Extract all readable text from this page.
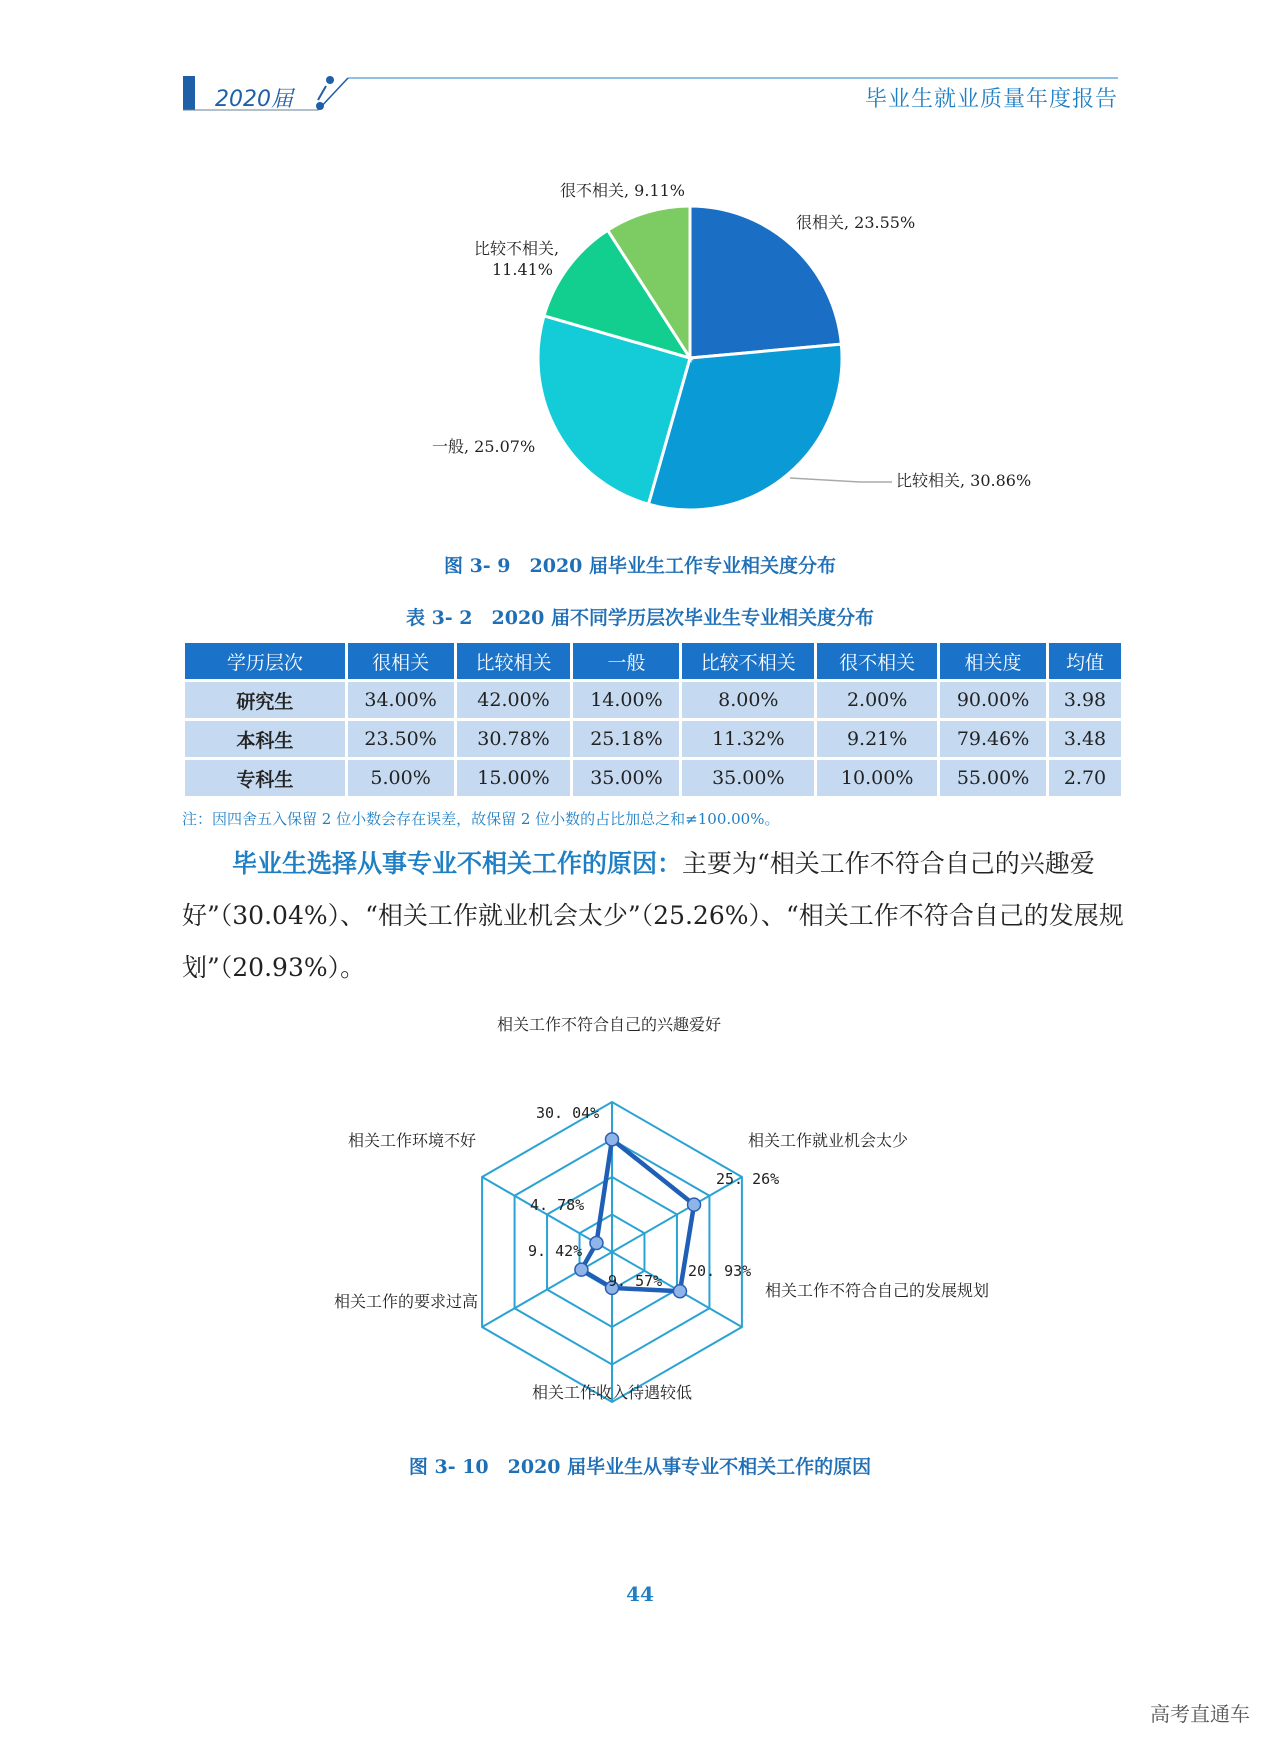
2020届	毕业生就业质量年度报告
很相关, 23.55%
比较相关, 30.86%
一般, 25.07%
比较不相关,
11.41%
很不相关, 9.11%
图 3- 9　2020 届毕业生工作专业相关度分布
表 3- 2　2020 届不同学历层次毕业生专业相关度分布
学历层次	很相关	比较相关	一般	比较不相关	很不相关	相关度	均值
研究生	34.00%	42.00%	14.00%	8.00%	2.00%	90.00%	3.98
本科生	23.50%	30.78%	25.18%	11.32%	9.21%	79.46%	3.48
专科生	5.00%	15.00%	35.00%	35.00%	10.00%	55.00%	2.70
注：因四舍五入保留 2 位小数会存在误差，故保留 2 位小数的占比加总之和≠100.00%。
毕业生选择从事专业不相关工作的原因：主要为“相关工作不符合自己的兴趣爱好”（30.04%）、“相关工作就业机会太少”（25.26%）、“相关工作不符合自己的发展规划”（20.93%）。
相关工作不符合自己的兴趣爱好
相关工作就业机会太少
相关工作不符合自己的发展规划
相关工作收入待遇较低
相关工作的要求过高
相关工作环境不好
30. 04%
25. 26%
20. 93%
9. 57%
9. 42%
4. 78%
图 3- 10　2020 届毕业生从事专业不相关工作的原因
44
高考直通车
